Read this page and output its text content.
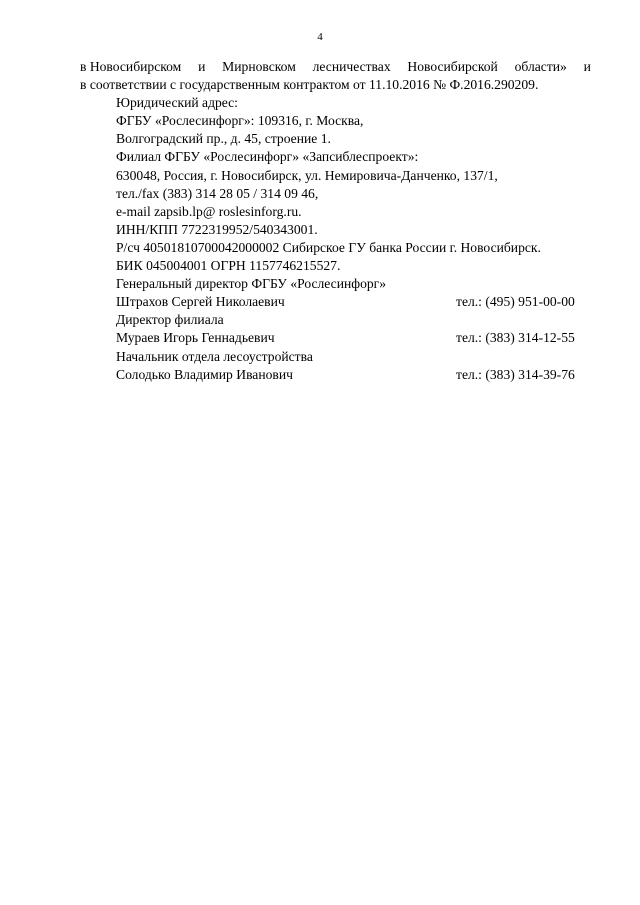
4
в Новосибирском и Мирновском лесничествах Новосибирской области» и
в соответствии с государственным контрактом от 11.10.2016 № Ф.2016.290209.
Юридический адрес:
ФГБУ «Рослесинфорг»: 109316, г. Москва,
Волгоградский пр., д. 45, строение 1.
Филиал ФГБУ «Рослесинфорг» «Запсиблеспроект»:
630048, Россия, г. Новосибирск, ул. Немировича-Данченко, 137/1,
тел./fax (383) 314 28 05 / 314 09 46,
e-mail zapsib.lp@ roslesinforg.ru.
ИНН/КПП 7722319952/540343001.
Р/сч 40501810700042000002 Сибирское ГУ банка России г. Новосибирск.
БИК 045004001 ОГРН 1157746215527.
Генеральный директор ФГБУ «Рослесинфорг»
Штрахов Сергей Николаевич	тел.: (495) 951-00-00
Директор филиала
Мураев Игорь Геннадьевич	тел.: (383) 314-12-55
Начальник отдела лесоустройства
Солодько Владимир Иванович	тел.: (383) 314-39-76
